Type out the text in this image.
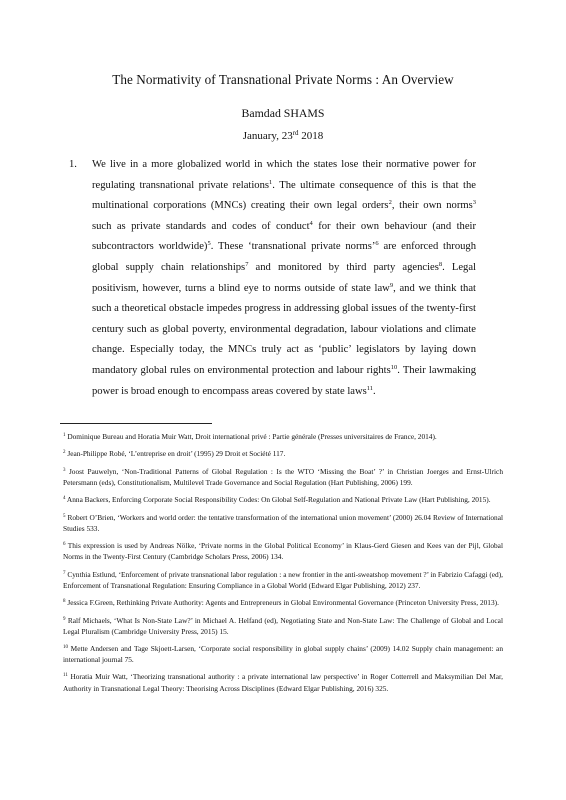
The Normativity of Transnational Private Norms : An Overview
Bamdad SHAMS
January, 23rd 2018
1. We live in a more globalized world in which the states lose their normative power for regulating transnational private relations$^1$. The ultimate consequence of this is that the multinational corporations (MNCs) creating their own legal orders$^2$, their own norms$^3$ such as private standards and codes of conduct$^4$ for their own behaviour (and their subcontractors worldwide)$^5$. These ‘transnational private norms’$^6$ are enforced through global supply chain relationships$^7$ and monitored by third party agencies$^8$. Legal positivism, however, turns a blind eye to norms outside of state law$^9$, and we think that such a theoretical obstacle impedes progress in addressing global issues of the twenty-first century such as global poverty, environmental degradation, labour violations and climate change. Especially today, the MNCs truly act as ‘public’ legislators by laying down mandatory global rules on environmental protection and labour rights$^{10}$. Their lawmaking power is broad enough to encompass areas covered by state laws$^{11}$.
$^1$ Dominique Bureau and Horatia Muir Watt, Droit international privé : Partie générale (Presses universitaires de France, 2014).
$^2$ Jean-Philippe Robé, ‘L’entreprise en droit’ (1995) 29 Droit et Société 117.
$^3$ Joost Pauwelyn, ‘Non-Traditional Patterns of Global Regulation : Is the WTO ‘Missing the Boat’ ?’ in Christian Joerges and Ernst-Ulrich Petersmann (eds), Constitutionalism, Multilevel Trade Governance and Social Regulation (Hart Publishing, 2006) 199.
$^4$ Anna Backers, Enforcing Corporate Social Responsibility Codes: On Global Self-Regulation and National Private Law (Hart Publishing, 2015).
$^5$ Robert O’Brien, ‘Workers and world order: the tentative transformation of the international union movement’ (2000) 26.04 Review of International Studies 533.
$^6$ This expression is used by Andreas Nölke, ‘Private norms in the Global Political Economy’ in Klaus-Gerd Giesen and Kees van der Pijl, Global Norms in the Twenty-First Century (Cambridge Scholars Press, 2006) 134.
$^7$ Cynthia Estlund, ‘Enforcement of private transnational labor regulation : a new frontier in the anti-sweatshop movement ?’ in Fabrizio Cafaggi (ed), Enforcement of Transnational Regulation: Ensuring Compliance in a Global World (Edward Elgar Publishing, 2012) 237.
$^8$ Jessica F.Green, Rethinking Private Authority: Agents and Entrepreneurs in Global Environmental Governance (Princeton University Press, 2013).
$^9$ Ralf Michaels, ‘What Is Non-State Law?’ in Michael A. Helfand (ed), Negotiating State and Non-State Law: The Challenge of Global and Local Legal Pluralism (Cambridge University Press, 2015) 15.
$^{10}$ Mette Andersen and Tage Skjoett-Larsen, ‘Corporate social responsibility in global supply chains’ (2009) 14.02 Supply chain management: an international journal 75.
$^{11}$ Horatia Muir Watt, ‘Theorizing transnational authority : a private international law perspective’ in Roger Cotterrell and Maksymilian Del Mar, Authority in Transnational Legal Theory: Theorising Across Disciplines (Edward Elgar Publishing, 2016) 325.
